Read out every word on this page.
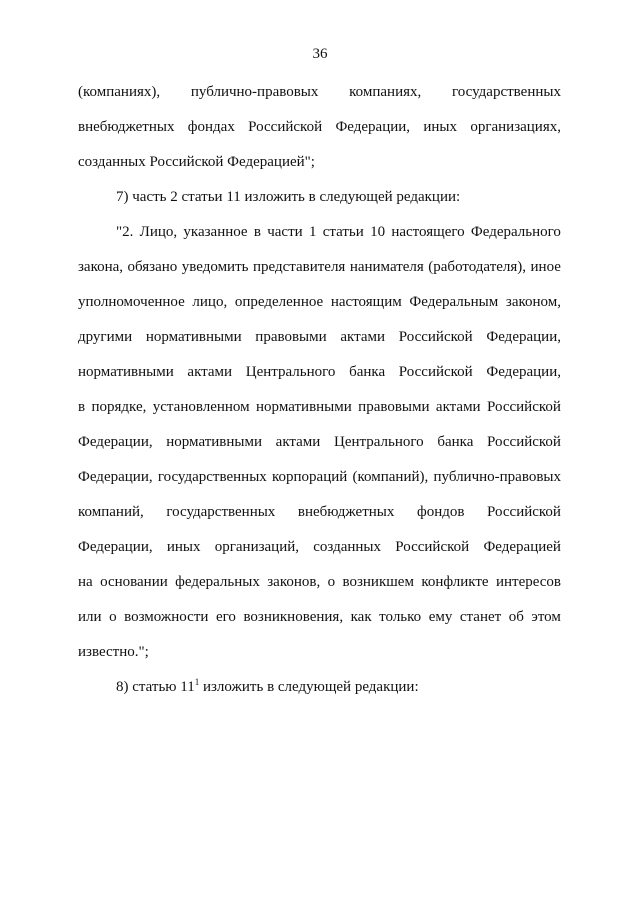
36
(компаниях), публично-правовых компаниях, государственных
внебюджетных фондах Российской Федерации, иных организациях,
созданных Российской Федерацией";
7) часть 2 статьи 11 изложить в следующей редакции:
"2. Лицо, указанное в части 1 статьи 10 настоящего Федерального
закона, обязано уведомить представителя нанимателя (работодателя), иное
уполномоченное лицо, определенное настоящим Федеральным законом,
другими нормативными правовыми актами Российской Федерации,
нормативными актами Центрального банка Российской Федерации,
в порядке, установленном нормативными правовыми актами Российской
Федерации, нормативными актами Центрального банка Российской
Федерации, государственных корпораций (компаний), публично-правовых
компаний, государственных внебюджетных фондов Российской
Федерации, иных организаций, созданных Российской Федерацией
на основании федеральных законов, о возникшем конфликте интересов
или о возможности его возникновения, как только ему станет об этом
известно.";
8) статью $11^1$ изложить в следующей редакции:
